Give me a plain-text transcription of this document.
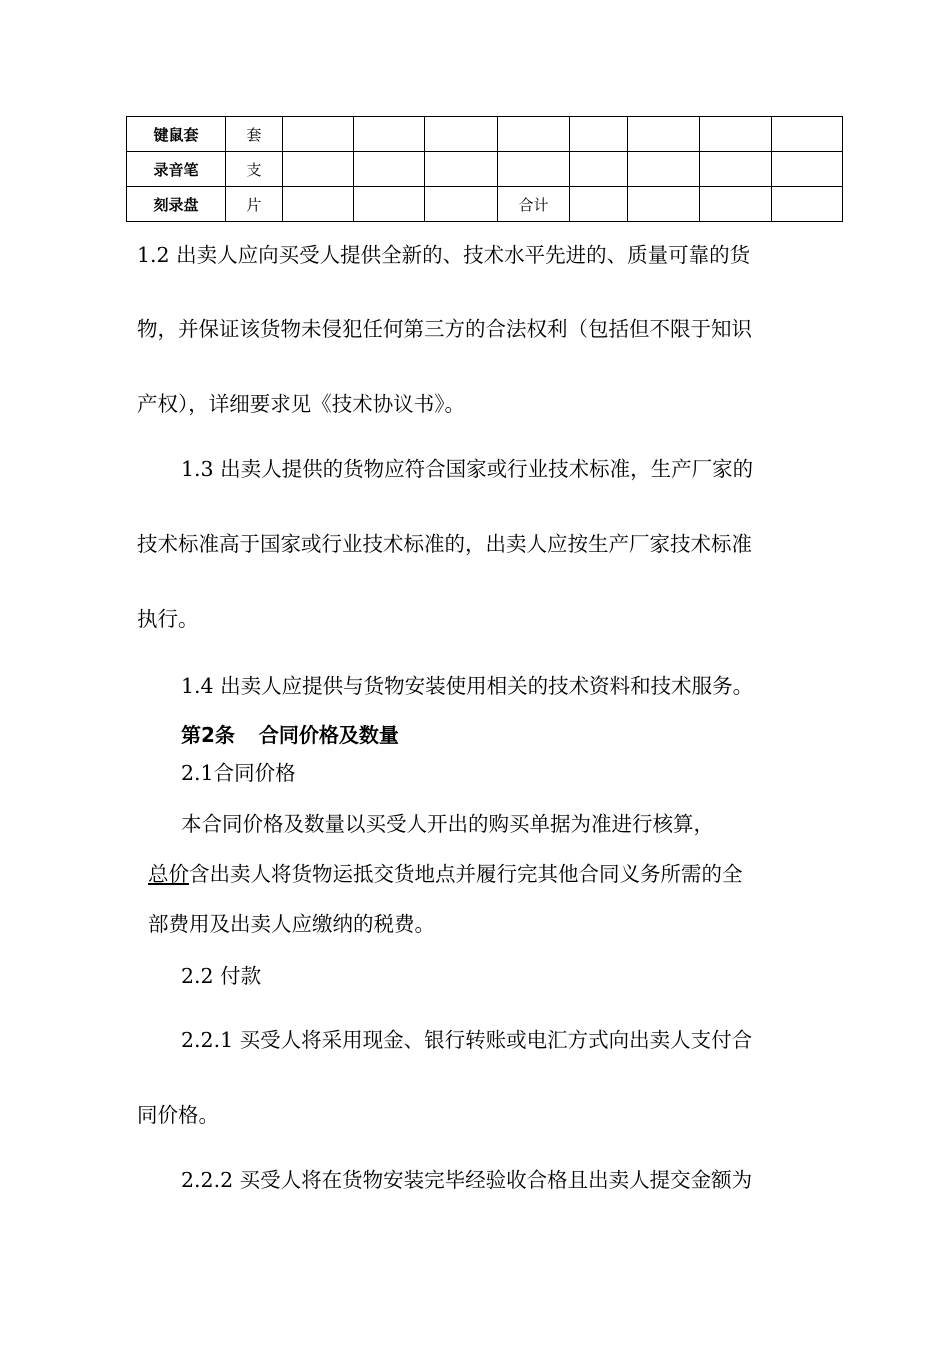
键鼠套	套								
录音笔	支								
刻录盘	片				合计				
1.2 出卖人应向买受人提供全新的、技术水平先进的、质量可靠的货
物，并保证该货物未侵犯任何第三方的合法权利（包括但不限于知识
产权），详细要求见《技术协议书》。
1.3 出卖人提供的货物应符合国家或行业技术标准，生产厂家的
技术标准高于国家或行业技术标准的，出卖人应按生产厂家技术标准
执行。
1.4 出卖人应提供与货物安装使用相关的技术资料和技术服务。
第2条 合同价格及数量
2.1合同价格
本合同价格及数量以买受人开出的购买单据为准进行核算，
总价含出卖人将货物运抵交货地点并履行完其他合同义务所需的全
部费用及出卖人应缴纳的税费。
2.2 付款
2.2.1 买受人将采用现金、银行转账或电汇方式向出卖人支付合
同价格。
2.2.2 买受人将在货物安装完毕经验收合格且出卖人提交金额为
